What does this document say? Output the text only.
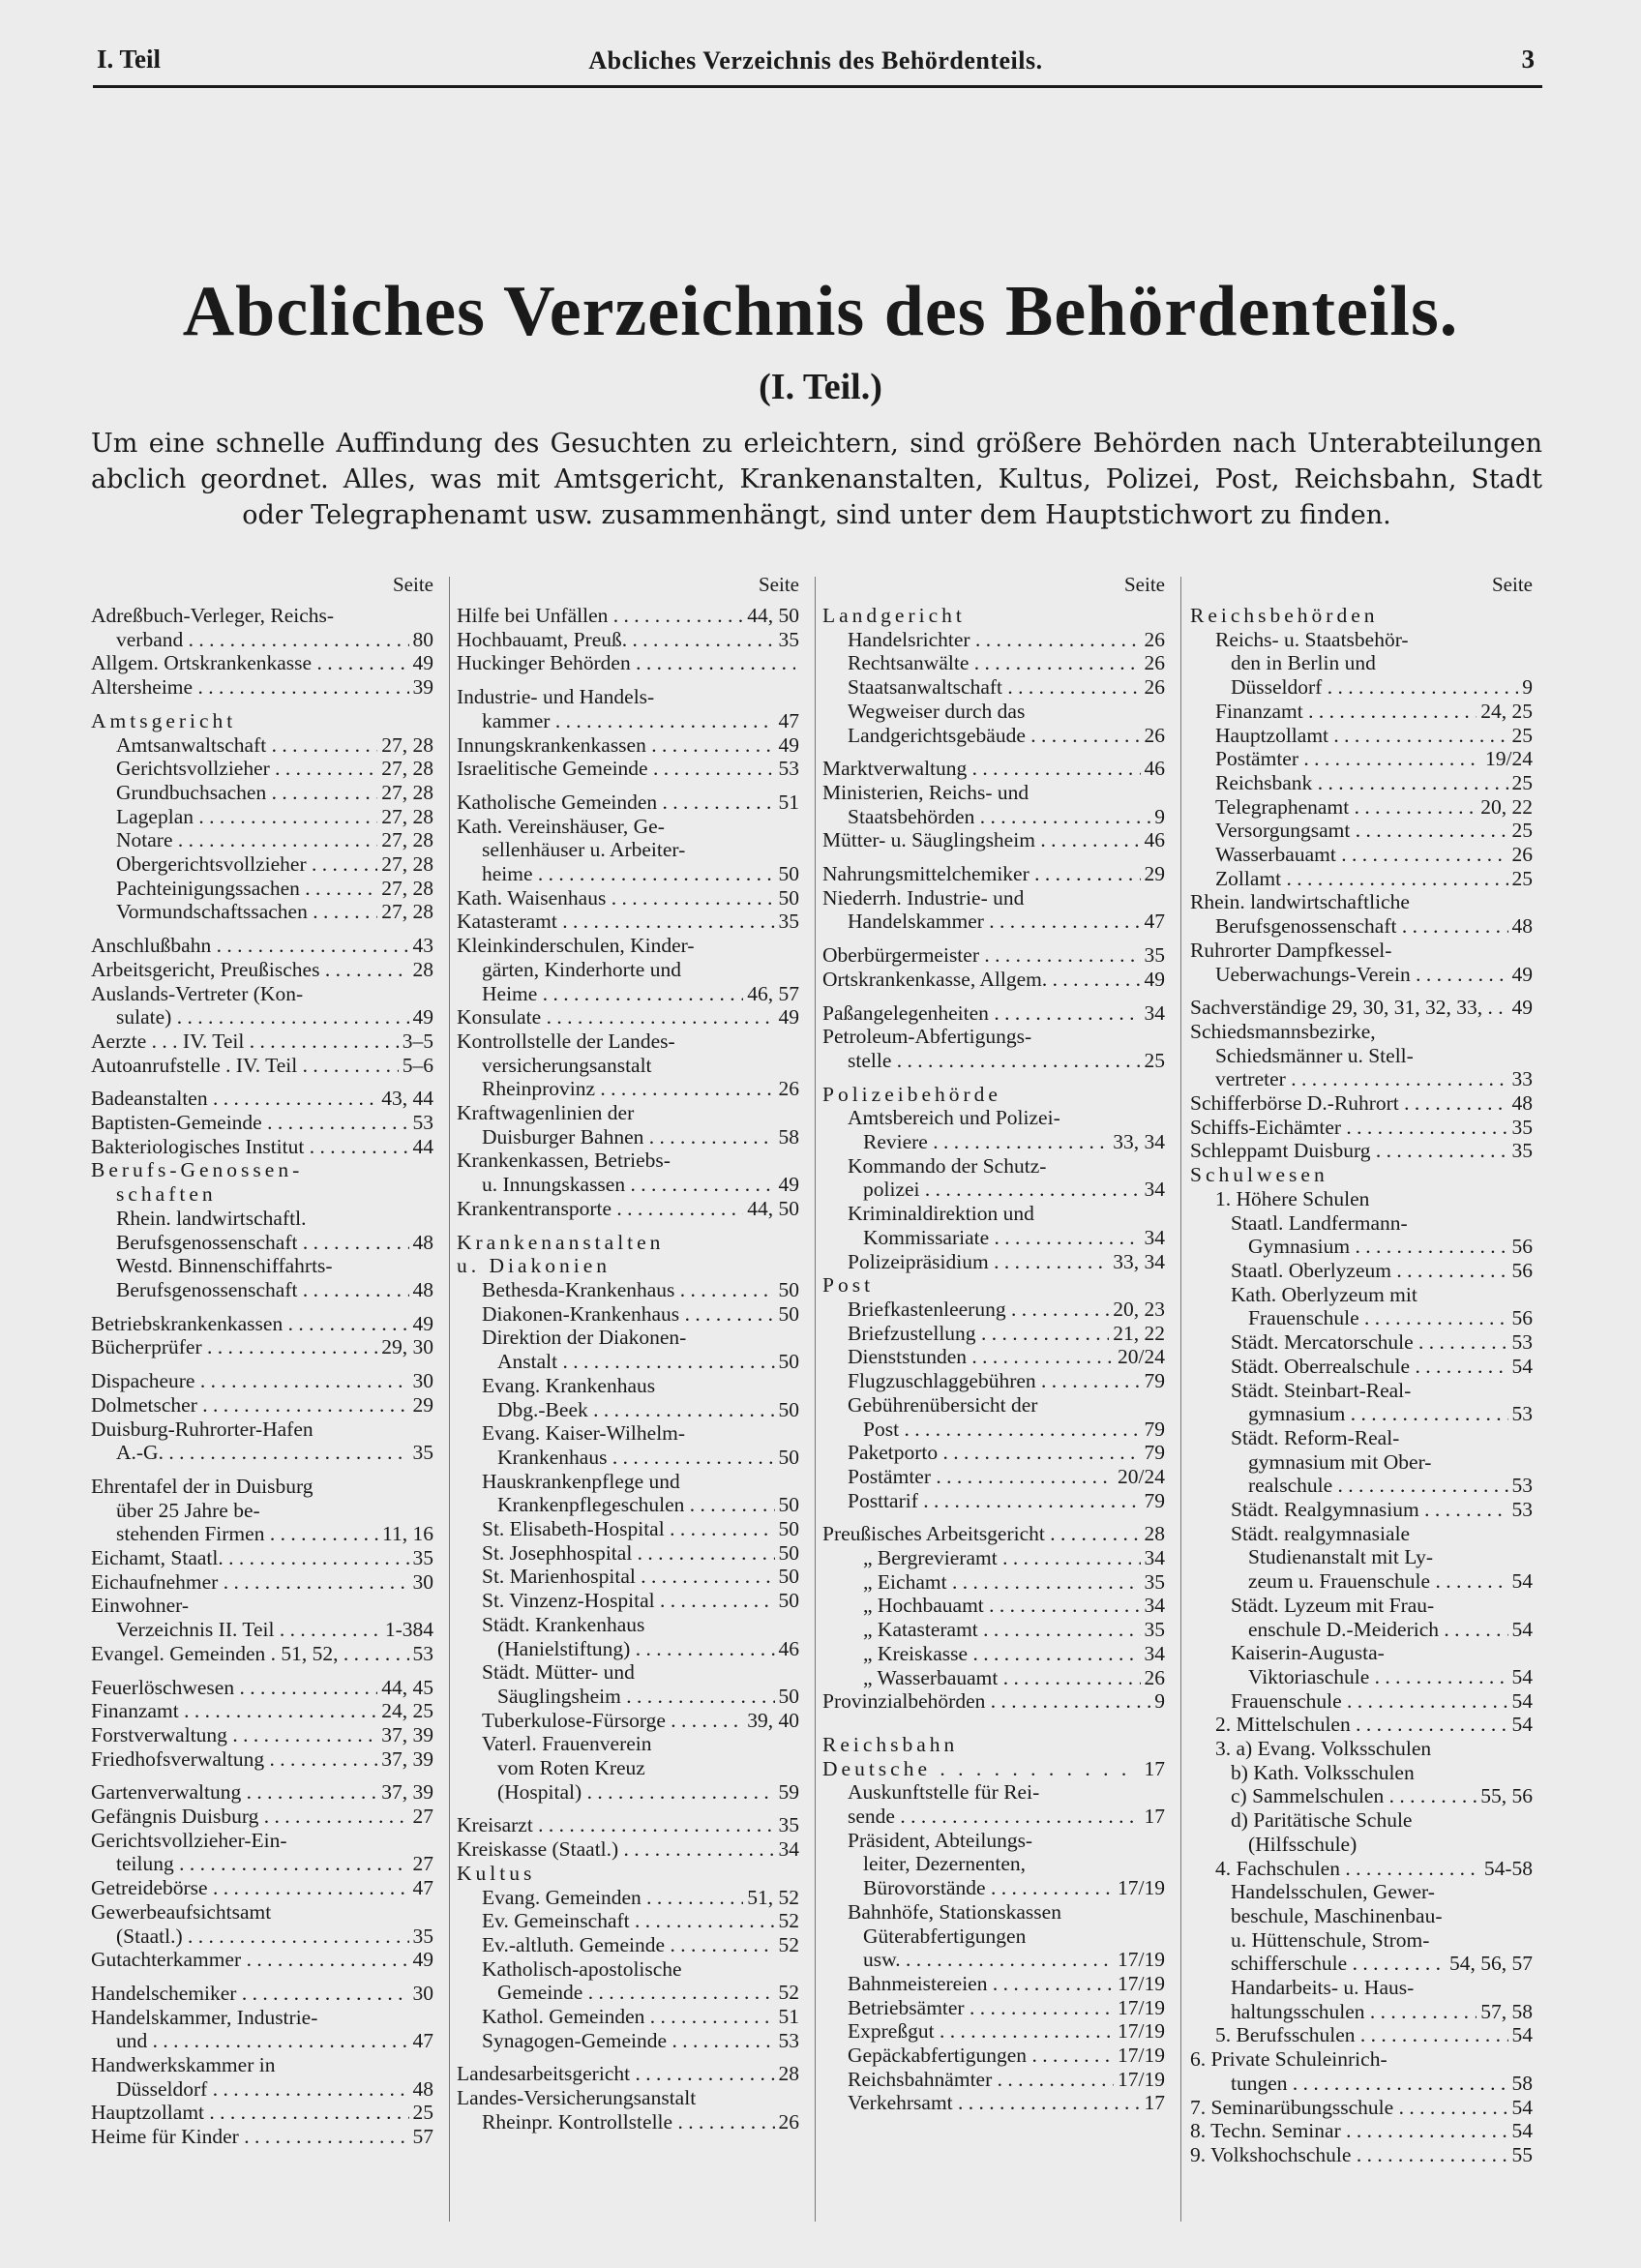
I. Teil	Abcliches Verzeichnis des Behördenteils.	3
Abcliches Verzeichnis des Behördenteils.
(I. Teil.)
Um eine schnelle Auffindung des Gesuchten zu erleichtern, sind größere Behörden nach Unterabteilungen abclich geordnet. Alles, was mit Amtsgericht, Krankenanstalten, Kultus, Polizei, Post, Reichsbahn, Stadt oder Telegraphenamt usw. zusammenhängt, sind unter dem Hauptstichwort zu finden.
Seite
Adreßbuch-Verleger, Reichs-
verband . . .	80
Allgem. Ortskrankenkasse . . .	49
Altersheime . . .	39
Amtsgericht
Amtsanwaltschaft . . .	27, 28
Gerichtsvollzieher . . .	27, 28
Grundbuchsachen . . .	27, 28
Lageplan . . .	27, 28
Notare . . .	27, 28
Obergerichtsvollzieher . . .	27, 28
Pachteinigungssachen . . .	27, 28
Vormundschaftssachen . . .	27, 28
Anschlußbahn . . .	43
Arbeitsgericht, Preußisches . . .	28
Auslands-Vertreter (Kon-
sulate) . . .	49
Aerzte . . . IV. Teil . . .	3–5
Autoanrufstelle . IV. Teil . . .	5–6
Badeanstalten . . .	43, 44
Baptisten-Gemeinde . . .	53
Bakteriologisches Institut . . .	44
Berufs-Genossen-
schaften
Rhein. landwirtschaftl.
Berufsgenossenschaft . . .	48
Westd. Binnenschiffahrts-
Berufsgenossenschaft . . .	48
Betriebskrankenkassen . . .	49
Bücherprüfer . . .	29, 30
Dispacheure . . .	30
Dolmetscher . . .	29
Duisburg-Ruhrorter-Hafen
A.-G. . . .	35
Ehrentafel der in Duisburg
über 25 Jahre be-
stehenden Firmen . . .	11, 16
Eichamt, Staatl. . . .	35
Eichaufnehmer . . .	30
Einwohner-
Verzeichnis II. Teil . . .	1-384
Evangel. Gemeinden . 51, 52, . . .	53
Feuerlöschwesen . . .	44, 45
Finanzamt . . .	24, 25
Forstverwaltung . . .	37, 39
Friedhofsverwaltung . . .	37, 39
Gartenverwaltung . . .	37, 39
Gefängnis Duisburg . . .	27
Gerichtsvollzieher-Ein-
teilung . . .	27
Getreidebörse . . .	47
Gewerbeaufsichtsamt
(Staatl.) . . .	35
Gutachterkammer . . .	49
Handelschemiker . . .	30
Handelskammer, Industrie-
und . . .	47
Handwerkskammer in
Düsseldorf . . .	48
Hauptzollamt . . .	25
Heime für Kinder . . .	57
Seite
Hilfe bei Unfällen . . .	44, 50
Hochbauamt, Preuß. . . .	35
Huckinger Behörden . . .
Industrie- und Handels-
kammer . . .	47
Innungskrankenkassen . . .	49
Israelitische Gemeinde . . .	53
Katholische Gemeinden . . .	51
Kath. Vereinshäuser, Ge-
sellenhäuser u. Arbeiter-
heime . . .	50
Kath. Waisenhaus . . .	50
Katasteramt . . .	35
Kleinkinderschulen, Kinder-
gärten, Kinderhorte und
Heime . . .	46, 57
Konsulate . . .	49
Kontrollstelle der Landes-
versicherungsanstalt
Rheinprovinz . . .	26
Kraftwagenlinien der
Duisburger Bahnen . . .	58
Krankenkassen, Betriebs-
u. Innungskassen . . .	49
Krankentransporte . . .	44, 50
Krankenanstalten
u. Diakonien
Bethesda-Krankenhaus . . .	50
Diakonen-Krankenhaus . . .	50
Direktion der Diakonen-
Anstalt . . .	50
Evang. Krankenhaus
Dbg.-Beek . . .	50
Evang. Kaiser-Wilhelm-
Krankenhaus . . .	50
Hauskrankenpflege und
Krankenpflegeschulen . . .	50
St. Elisabeth-Hospital . . .	50
St. Josephhospital . . .	50
St. Marienhospital . . .	50
St. Vinzenz-Hospital . . .	50
Städt. Krankenhaus
(Hanielstiftung) . . .	46
Städt. Mütter- und
Säuglingsheim . . .	50
Tuberkulose-Fürsorge . . .	39, 40
Vaterl. Frauenverein
vom Roten Kreuz
(Hospital) . . .	59
Kreisarzt . . .	35
Kreiskasse (Staatl.) . . .	34
Kultus
Evang. Gemeinden . . .	51, 52
Ev. Gemeinschaft . . .	52
Ev.-altluth. Gemeinde . . .	52
Katholisch-apostolische
Gemeinde . . .	52
Kathol. Gemeinden . . .	51
Synagogen-Gemeinde . . .	53
Landesarbeitsgericht . . .	28
Landes-Versicherungsanstalt
Rheinpr. Kontrollstelle . . .	26
Seite
Landgericht
Handelsrichter . . .	26
Rechtsanwälte . . .	26
Staatsanwaltschaft . . .	26
Wegweiser durch das
Landgerichtsgebäude . . .	26
Marktverwaltung . . .	46
Ministerien, Reichs- und
Staatsbehörden . . .	9
Mütter- u. Säuglingsheim . . .	46
Nahrungsmittelchemiker . . .	29
Niederrh. Industrie- und
Handelskammer . . .	47
Oberbürgermeister . . .	35
Ortskrankenkasse, Allgem. . . .	49
Paßangelegenheiten . . .	34
Petroleum-Abfertigungs-
stelle . . .	25
Polizeibehörde
Amtsbereich und Polizei-
Reviere . . .	33, 34
Kommando der Schutz-
polizei . . .	34
Kriminaldirektion und
Kommissariate . . .	34
Polizeipräsidium . . .	33, 34
Post
Briefkastenleerung . . .	20, 23
Briefzustellung . . .	21, 22
Dienststunden . . .	20/24
Flugzuschlaggebühren . . .	79
Gebührenübersicht der
Post . . .	79
Paketporto . . .	79
Postämter . . .	20/24
Posttarif . . .	79
Preußisches Arbeitsgericht . . .	28
„ Bergrevieramt . . .	34
„ Eichamt . . .	35
„ Hochbauamt . . .	34
„ Katasteramt . . .	35
„ Kreiskasse . . .	34
„ Wasserbauamt . . .	26
Provinzialbehörden . . .	9
Reichsbahn
Deutsche . . .	17
Auskunftstelle für Rei-
sende . . .	17
Präsident, Abteilungs-
leiter, Dezernenten,
Bürovorstände . . .	17/19
Bahnhöfe, Stationskassen
Güterabfertigungen
usw. . . .	17/19
Bahnmeistereien . . .	17/19
Betriebsämter . . .	17/19
Expreßgut . . .	17/19
Gepäckabfertigungen . . .	17/19
Reichsbahnämter . . .	17/19
Verkehrsamt . . .	17
Seite
Reichsbehörden
Reichs- u. Staatsbehör-
den in Berlin und
Düsseldorf . . .	9
Finanzamt . . .	24, 25
Hauptzollamt . . .	25
Postämter . . .	19/24
Reichsbank . . .	25
Telegraphenamt . . .	20, 22
Versorgungsamt . . .	25
Wasserbauamt . . .	26
Zollamt . . .	25
Rhein. landwirtschaftliche
Berufsgenossenschaft . . .	48
Ruhrorter Dampfkessel-
Ueberwachungs-Verein . . .	49
Sachverständige 29, 30, 31, 32, 33, . . .	49
Schiedsmannsbezirke,
Schiedsmänner u. Stell-
vertreter . . .	33
Schifferbörse D.-Ruhrort . . .	48
Schiffs-Eichämter . . .	35
Schleppamt Duisburg . . .	35
Schulwesen
1. Höhere Schulen
Staatl. Landfermann-
Gymnasium . . .	56
Staatl. Oberlyzeum . . .	56
Kath. Oberlyzeum mit
Frauenschule . . .	56
Städt. Mercatorschule . . .	53
Städt. Oberrealschule . . .	54
Städt. Steinbart-Real-
gymnasium . . .	53
Städt. Reform-Real-
gymnasium mit Ober-
realschule . . .	53
Städt. Realgymnasium . . .	53
Städt. realgymnasiale
Studienanstalt mit Ly-
zeum u. Frauenschule . . .	54
Städt. Lyzeum mit Frau-
enschule D.-Meiderich . . .	54
Kaiserin-Augusta-
Viktoriaschule . . .	54
Frauenschule . . .	54
2. Mittelschulen . . .	54
3. a) Evang. Volksschulen
b) Kath. Volksschulen
c) Sammelschulen . . . .	55, 56
d) Paritätische Schule
(Hilfsschule)
4. Fachschulen . . .	54-58
Handelsschulen, Gewer-
beschule, Maschinenbau-
u. Hüttenschule, Strom-
schifferschule . . .	54, 56, 57
Handarbeits- u. Haus-
haltungsschulen . . .	57, 58
5. Berufsschulen . . .	54
6. Private Schuleinrich-
tungen . . .	58
7. Seminarübungsschule . . .	54
8. Techn. Seminar . . .	54
9. Volkshochschule . . .	55
